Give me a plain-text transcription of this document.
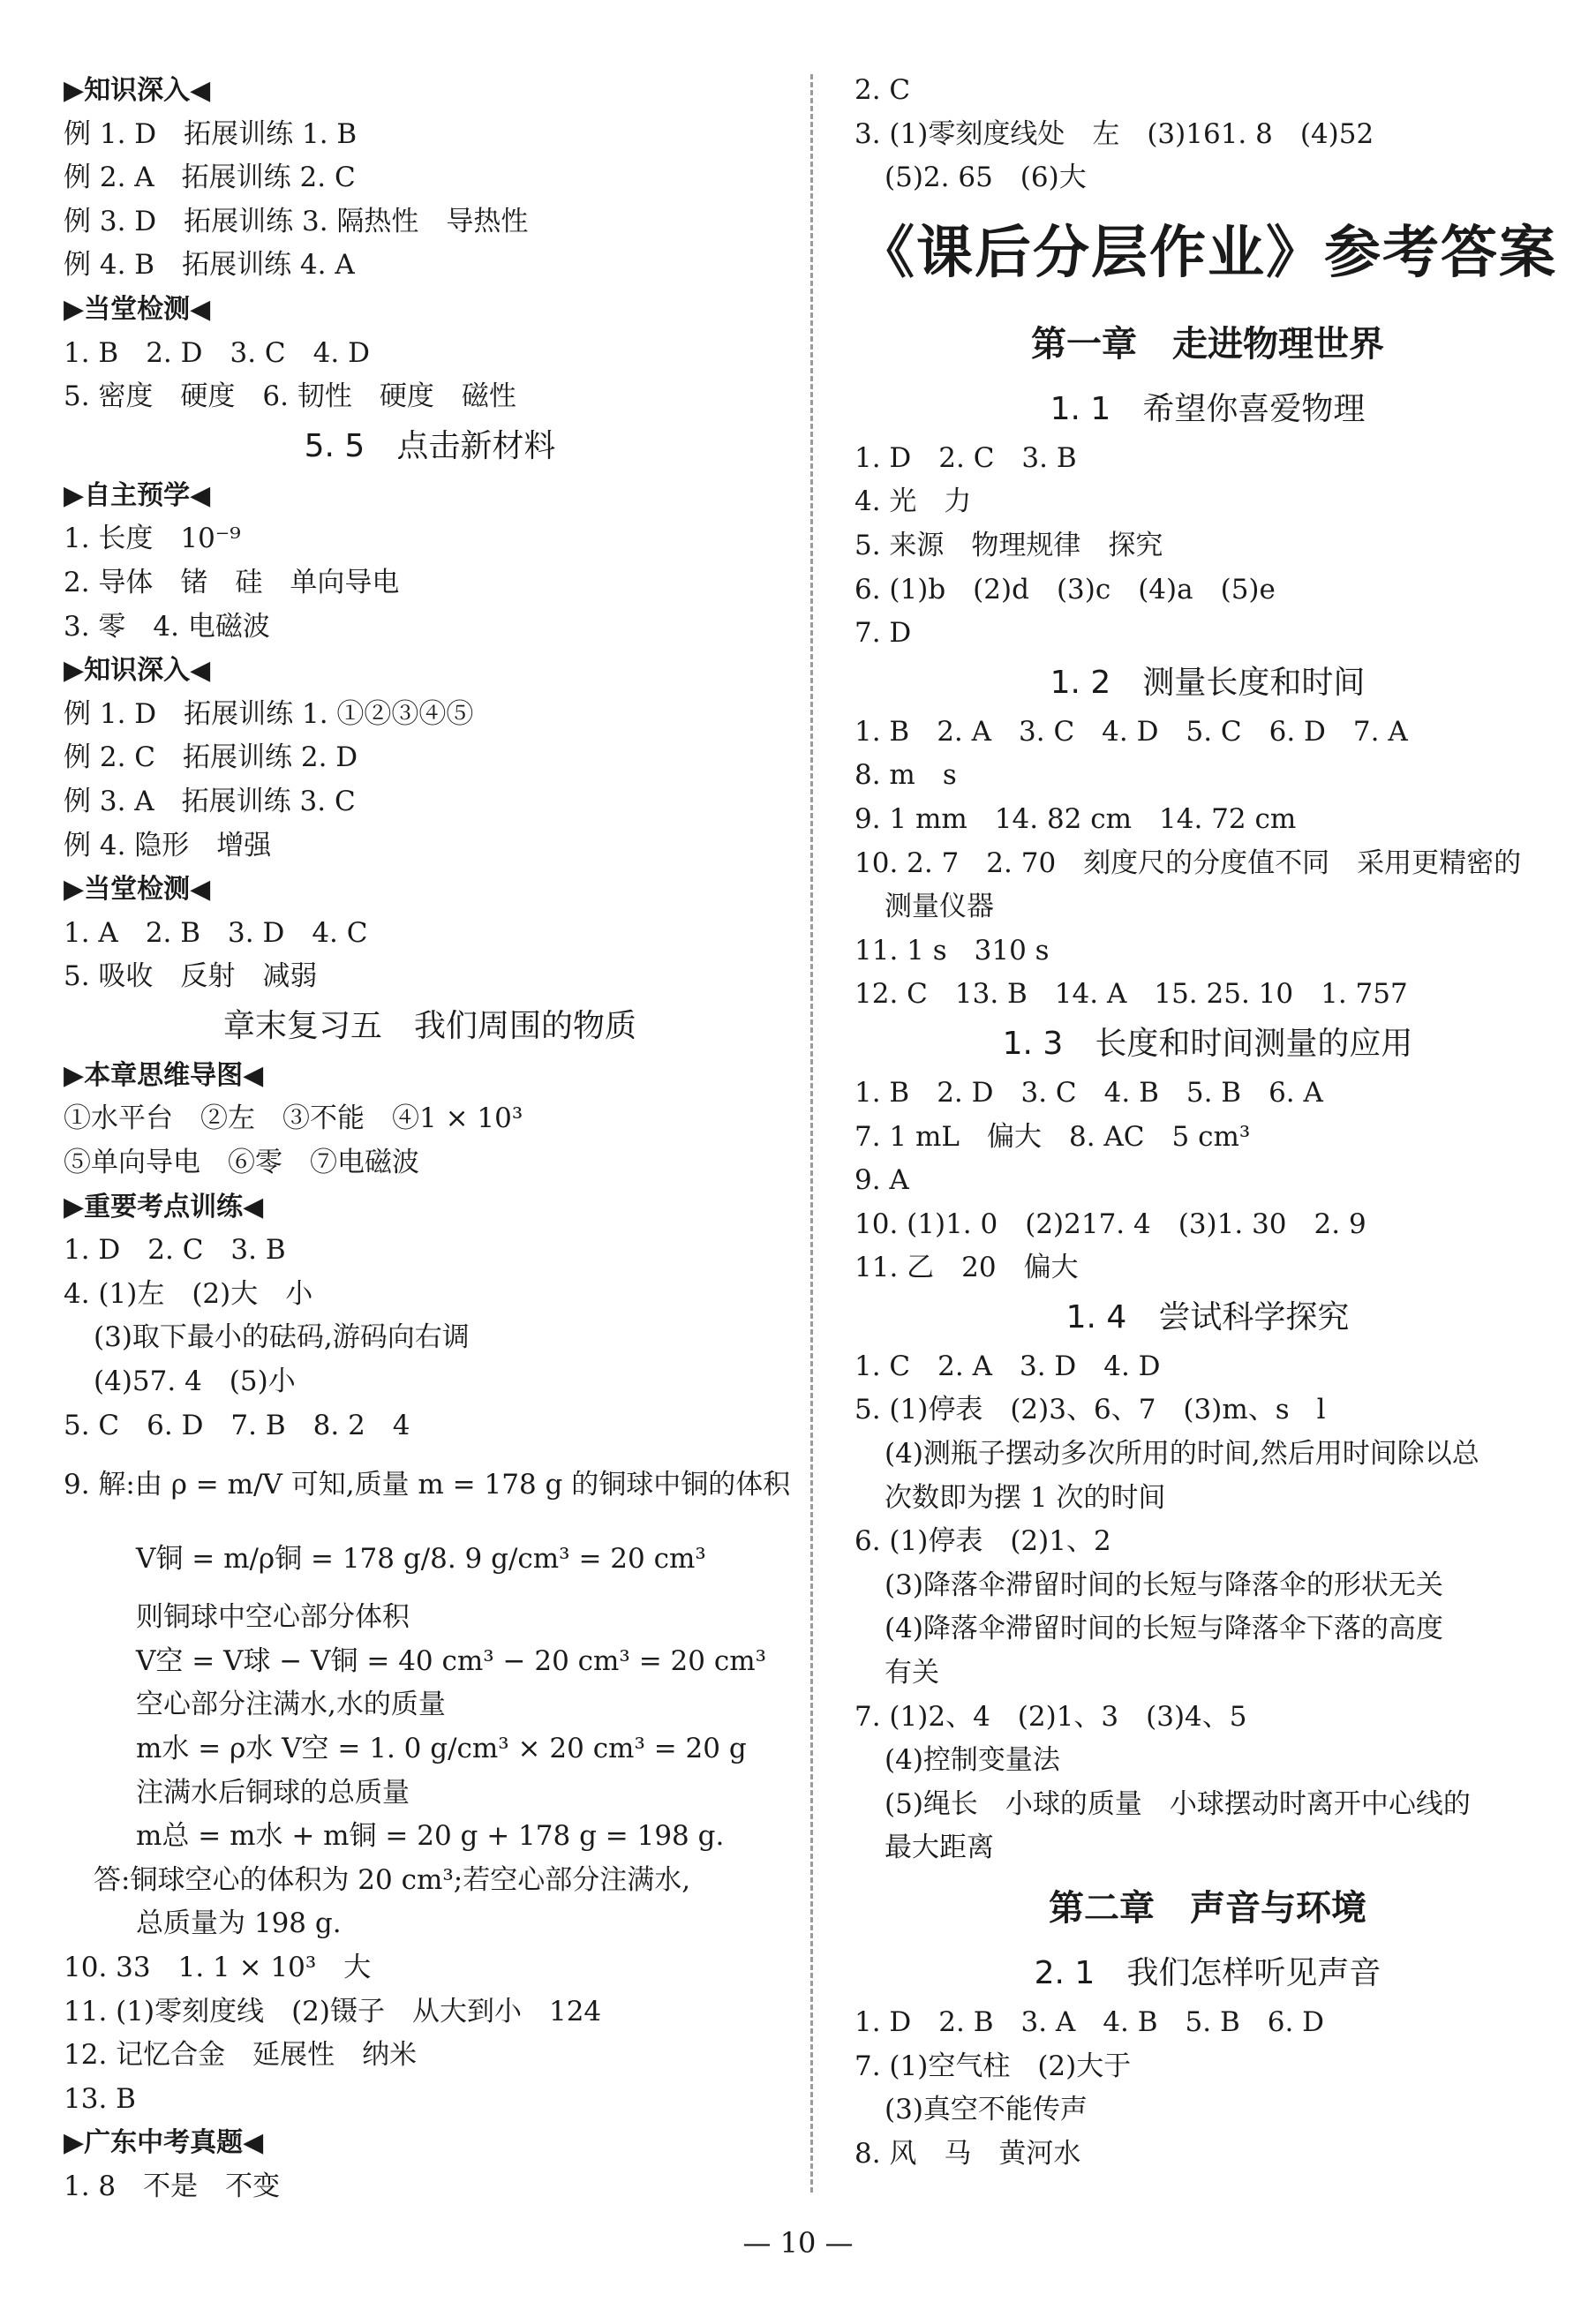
▶知识深入◀
例 1. D　拓展训练 1. B
例 2. A　拓展训练 2. C
例 3. D　拓展训练 3. 隔热性　导热性
例 4. B　拓展训练 4. A
▶当堂检测◀
1. B　2. D　3. C　4. D
5. 密度　硬度　6. 韧性　硬度　磁性
5. 5　点击新材料
▶自主预学◀
1. 长度　10⁻⁹
2. 导体　锗　硅　单向导电
3. 零　4. 电磁波
▶知识深入◀
例 1. D　拓展训练 1. ①②③④⑤
例 2. C　拓展训练 2. D
例 3. A　拓展训练 3. C
例 4. 隐形　增强
▶当堂检测◀
1. A　2. B　3. D　4. C
5. 吸收　反射　减弱
章末复习五　我们周围的物质
▶本章思维导图◀
①水平台　②左　③不能　④1 × 10³
⑤单向导电　⑥零　⑦电磁波
▶重要考点训练◀
1. D　2. C　3. B
4. (1)左　(2)大　小
(3)取下最小的砝码,游码向右调
(4)57. 4　(5)小
5. C　6. D　7. B　8. 2　4
9. 解:由 ρ = m/V 可知,质量 m = 178 g 的铜球中铜的体积
V铜 = m/ρ铜 = 178 g/8. 9 g/cm³ = 20 cm³
则铜球中空心部分体积
V空 = V球 − V铜 = 40 cm³ − 20 cm³ = 20 cm³
空心部分注满水,水的质量
m水 = ρ水 V空 = 1. 0 g/cm³ × 20 cm³ = 20 g
注满水后铜球的总质量
m总 = m水 + m铜 = 20 g + 178 g = 198 g.
答:铜球空心的体积为 20 cm³;若空心部分注满水,
总质量为 198 g.
10. 33　1. 1 × 10³　大
11. (1)零刻度线　(2)镊子　从大到小　124
12. 记忆合金　延展性　纳米
13. B
▶广东中考真题◀
1. 8　不是　不变
2. C
3. (1)零刻度线处　左　(3)161. 8　(4)52
(5)2. 65　(6)大
《课后分层作业》参考答案
第一章　走进物理世界
1. 1　希望你喜爱物理
1. D　2. C　3. B
4. 光　力
5. 来源　物理规律　探究
6. (1)b　(2)d　(3)c　(4)a　(5)e
7. D
1. 2　测量长度和时间
1. B　2. A　3. C　4. D　5. C　6. D　7. A
8. m　s
9. 1 mm　14. 82 cm　14. 72 cm
10. 2. 7　2. 70　刻度尺的分度值不同　采用更精密的
测量仪器
11. 1 s　310 s
12. C　13. B　14. A　15. 25. 10　1. 757
1. 3　长度和时间测量的应用
1. B　2. D　3. C　4. B　5. B　6. A
7. 1 mL　偏大　8. AC　5 cm³
9. A
10. (1)1. 0　(2)217. 4　(3)1. 30　2. 9
11. 乙　20　偏大
1. 4　尝试科学探究
1. C　2. A　3. D　4. D
5. (1)停表　(2)3、6、7　(3)m、s　l
(4)测瓶子摆动多次所用的时间,然后用时间除以总
次数即为摆 1 次的时间
6. (1)停表　(2)1、2
(3)降落伞滞留时间的长短与降落伞的形状无关
(4)降落伞滞留时间的长短与降落伞下落的高度
有关
7. (1)2、4　(2)1、3　(3)4、5
(4)控制变量法
(5)绳长　小球的质量　小球摆动时离开中心线的
最大距离
第二章　声音与环境
2. 1　我们怎样听见声音
1. D　2. B　3. A　4. B　5. B　6. D
7. (1)空气柱　(2)大于
(3)真空不能传声
8. 风　马　黄河水
— 10 —
